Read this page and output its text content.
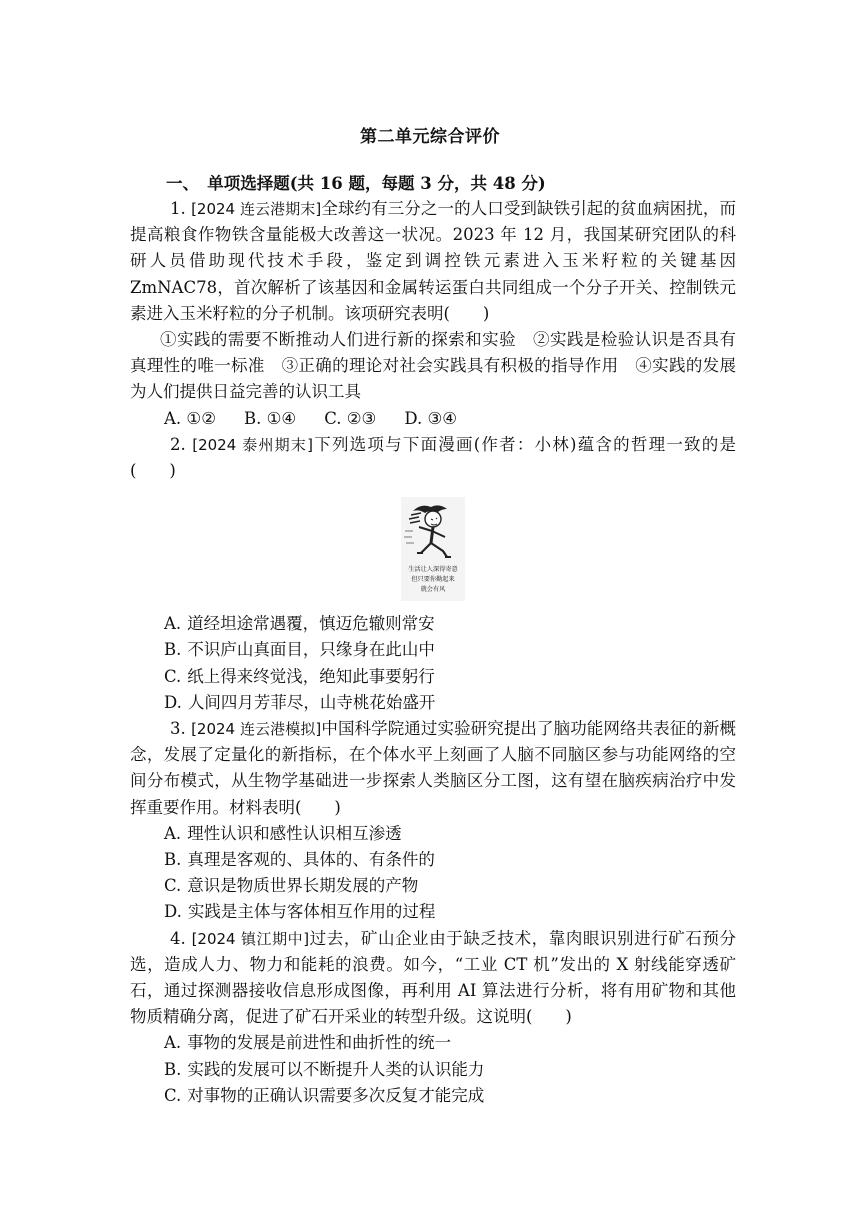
第二单元综合评价
一、　单项选择题(共 16 题，每题 3 分，共 48 分)

1. [2024 连云港期末]全球约有三分之一的人口受到缺铁引起的贫血病困扰，而提高粮食作物铁含量能极大改善这一状况。2023 年 12 月，我国某研究团队的科研人员借助现代技术手段，鉴定到调控铁元素进入玉米籽粒的关键基因 ZmNAC78，首次解析了该基因和金属转运蛋白共同组成一个分子开关、控制铁元素进入玉米籽粒的分子机制。该项研究表明(　　)

①实践的需要不断推动人们进行新的探索和实验　②实践是检验认识是否具有真理性的唯一标准　③正确的理论对社会实践具有积极的指导作用　④实践的发展为人们提供日益完善的认识工具

A. ①② B. ①④ C. ②③ D. ③④

2. [2024 泰州期末]下列选项与下面漫画(作者：小林)蕴含的哲理一致的是(　　)

生活让人深得寄意
但只要你勤起来
就会有风

A. 道经坦途常遇覆，慎迈危辙则常安

B. 不识庐山真面目，只缘身在此山中

C. 纸上得来终觉浅，绝知此事要躬行

D. 人间四月芳菲尽，山寺桃花始盛开

3. [2024 连云港模拟]中国科学院通过实验研究提出了脑功能网络共表征的新概念，发展了定量化的新指标，在个体水平上刻画了人脑不同脑区参与功能网络的空间分布模式，从生物学基础进一步探索人类脑区分工图，这有望在脑疾病治疗中发挥重要作用。材料表明(　　)

A. 理性认识和感性认识相互渗透

B. 真理是客观的、具体的、有条件的

C. 意识是物质世界长期发展的产物

D. 实践是主体与客体相互作用的过程

4. [2024 镇江期中]过去，矿山企业由于缺乏技术，靠肉眼识别进行矿石预分选，造成人力、物力和能耗的浪费。如今，“工业 CT 机”发出的 X 射线能穿透矿石，通过探测器接收信息形成图像，再利用 AI 算法进行分析，将有用矿物和其他物质精确分离，促进了矿石开采业的转型升级。这说明(　　)

A. 事物的发展是前进性和曲折性的统一

B. 实践的发展可以不断提升人类的认识能力

C. 对事物的正确认识需要多次反复才能完成
